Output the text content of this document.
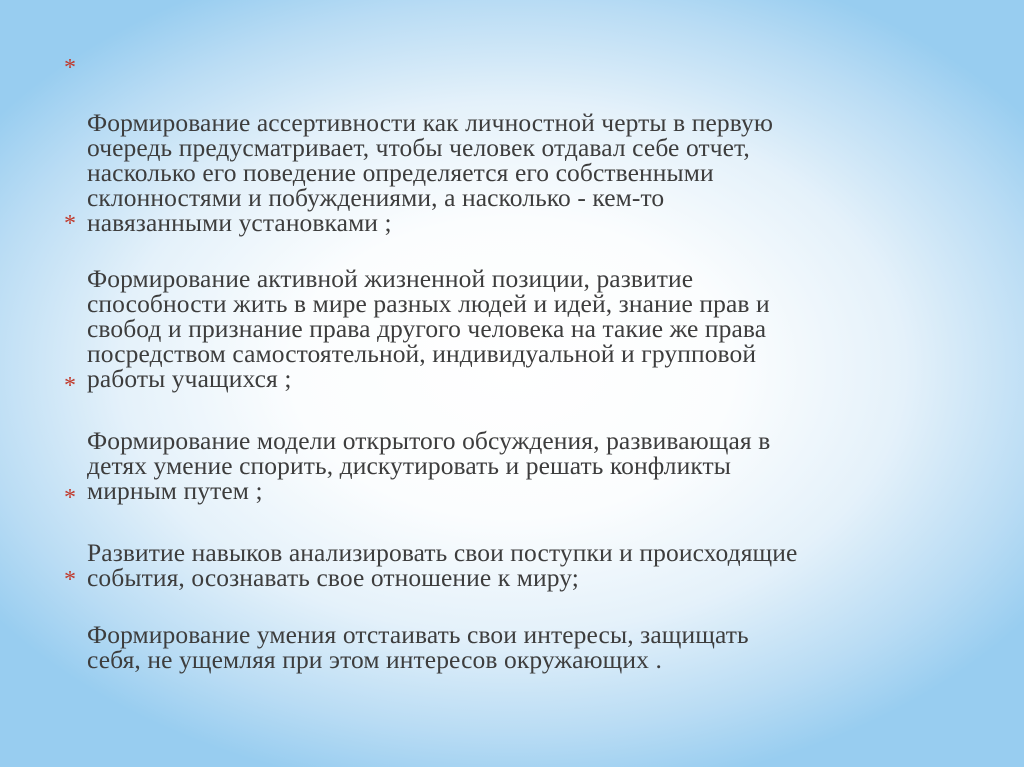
*

Формирование ассертивности как личностной черты в первую
очередь предусматривает, чтобы человек отдавал себе отчет,
насколько его поведение определяется его собственными
склонностями и побуждениями, а насколько - кем-то
навязанными установками ;

*

Формирование активной жизненной позиции, развитие
способности жить в мире разных людей и идей, знание прав и
свобод и признание права другого человека на такие же права
посредством самостоятельной, индивидуальной и групповой
работы учащихся ;

*

Формирование модели открытого обсуждения, развивающая в
детях умение спорить, дискутировать и решать конфликты
мирным путем ;

*

Развитие навыков анализировать свои поступки и происходящие
события, осознавать свое отношение к миру;

*

Формирование умения отстаивать свои интересы, защищать
себя, не ущемляя при этом интересов окружающих .
